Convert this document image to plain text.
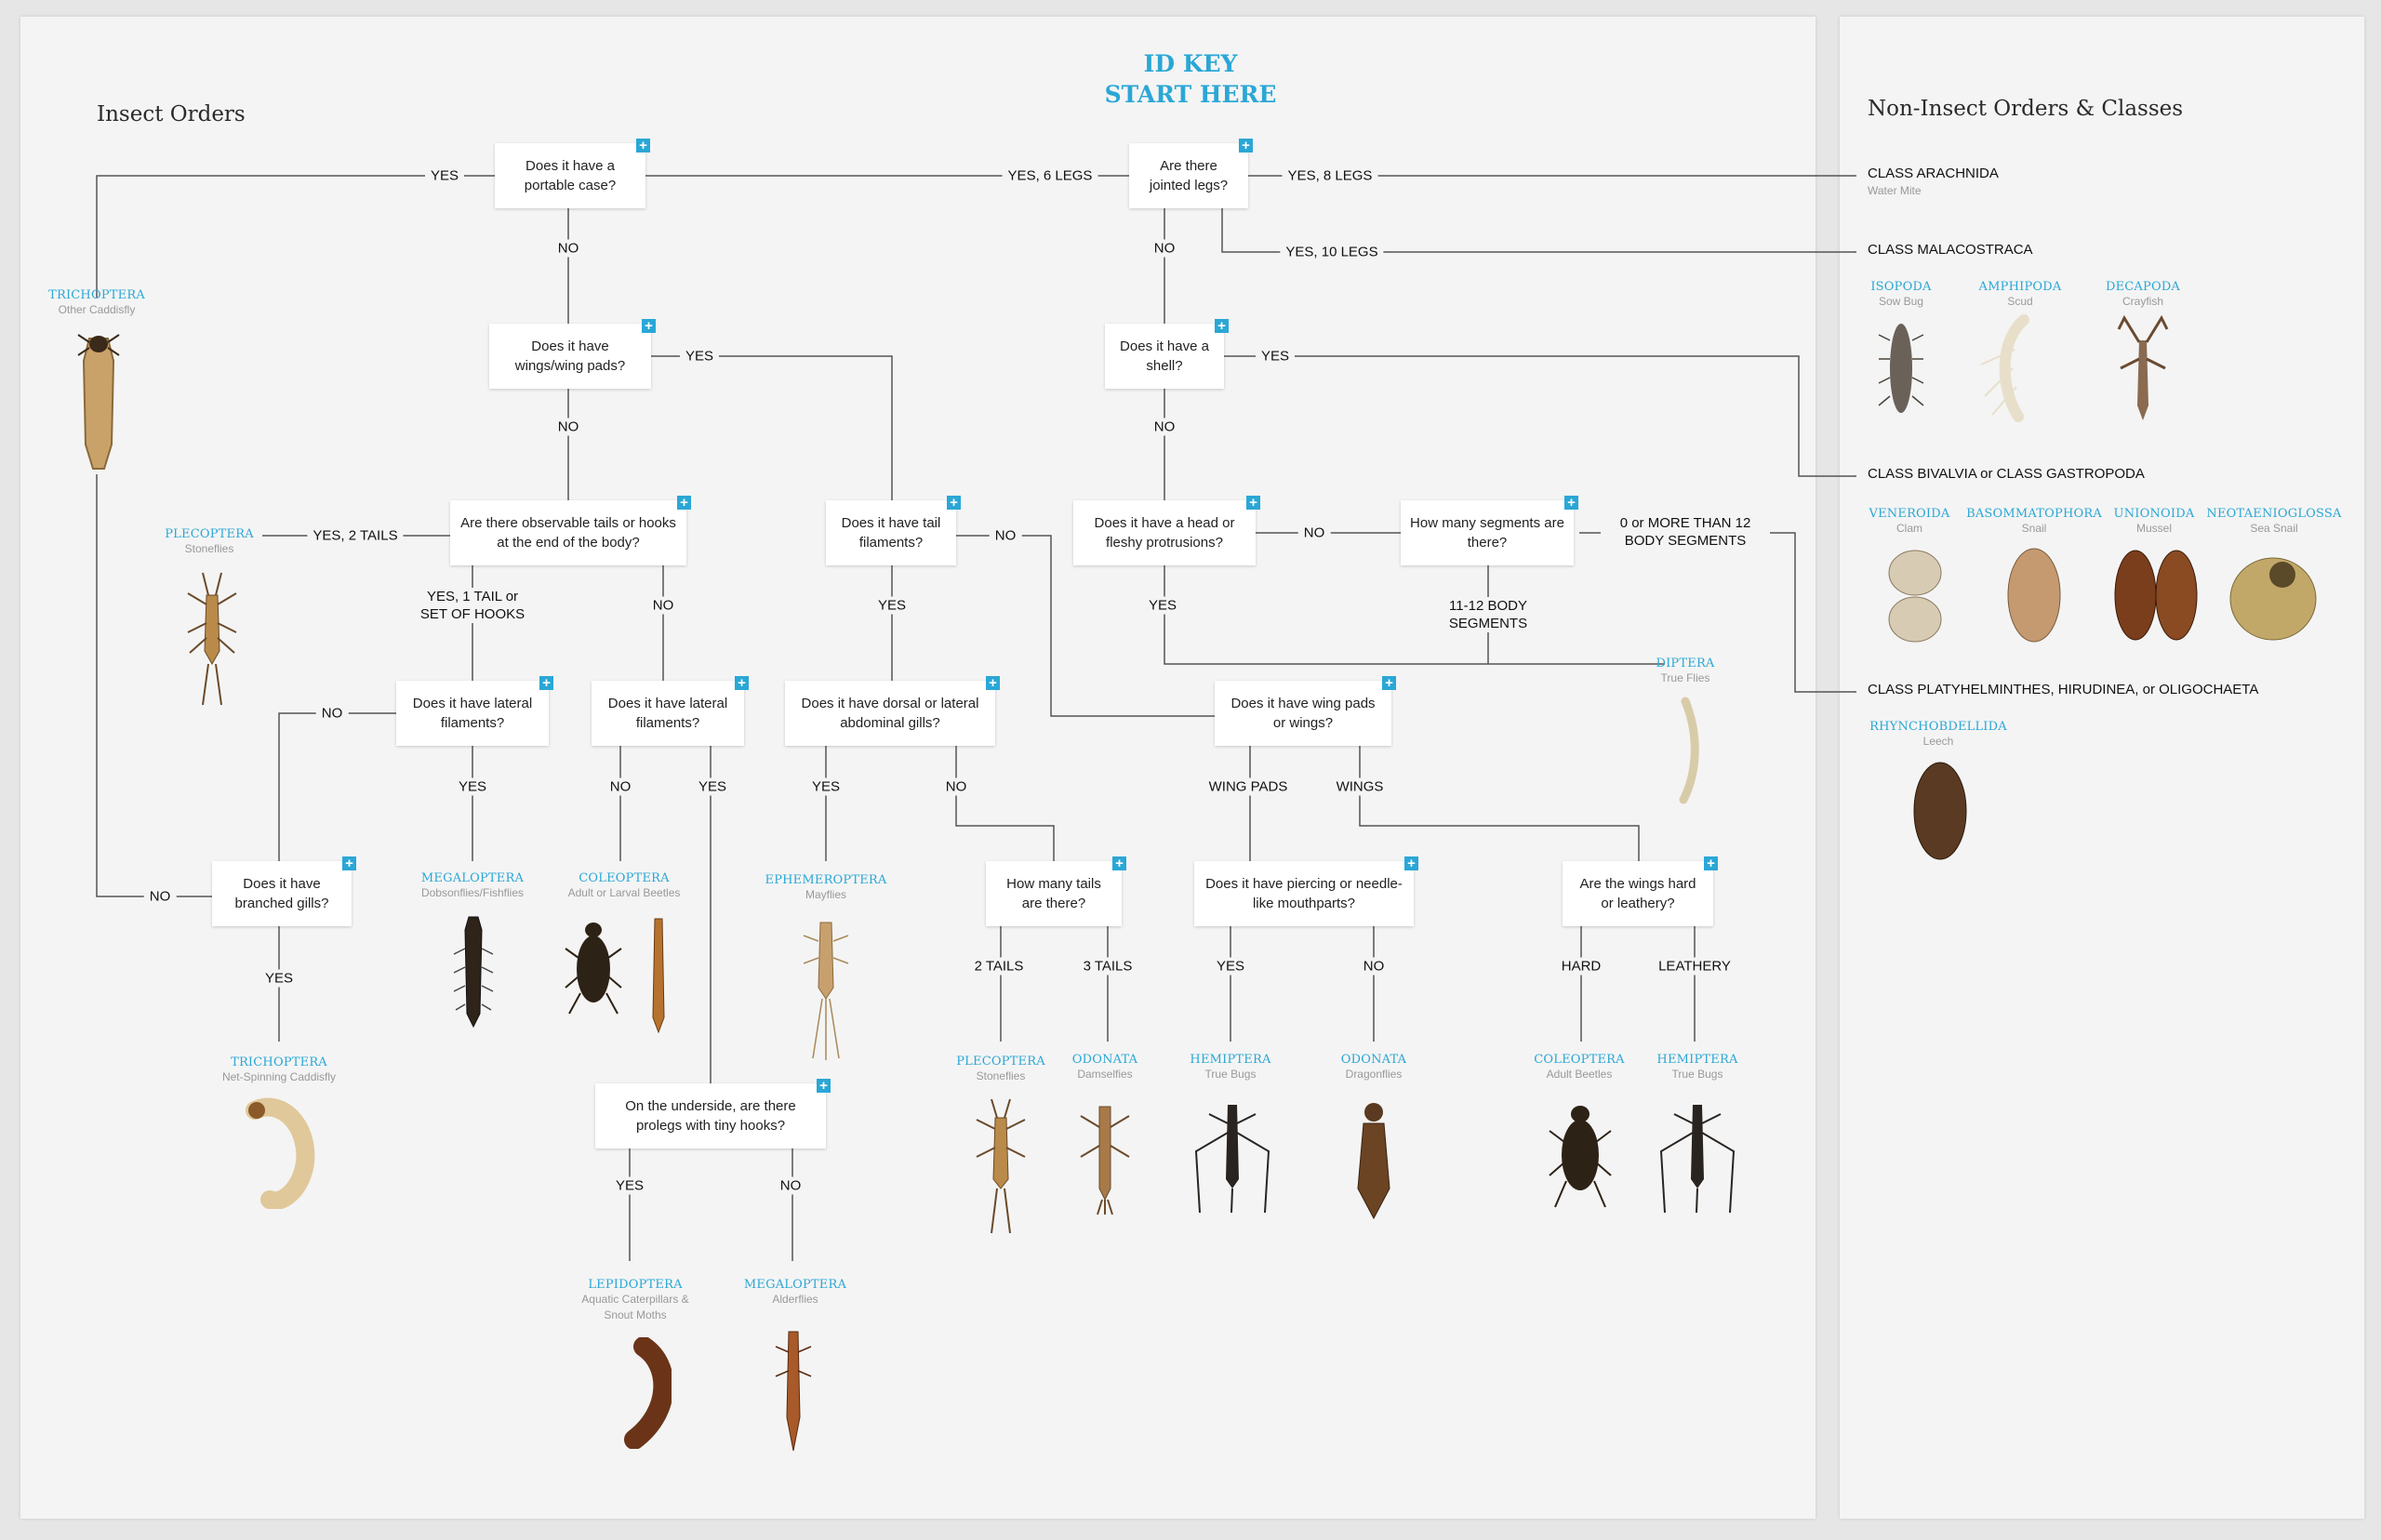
Insect Orders	Non-Insect Orders & Classes
ID KEY
START HERE
Does it have a portable case?
+
Are there jointed legs?
+
Does it have wings/wing pads?
+
Does it have a shell?
+
Are there observable tails or hooks at the end of the body?
+
Does it have tail filaments?
+
Does it have a head or fleshy protrusions?
+
How many segments are there?
+
Does it have lateral filaments?
+
Does it have lateral filaments?
+
Does it have dorsal or lateral abdominal gills?
+
Does it have wing pads or wings?
+
Does it have branched gills?
+
How many tails are there?
+
Does it have piercing or needle-like mouthparts?
+
Are the wings hard or leathery?
+
On the underside, are there prolegs with tiny hooks?
+
YES	YES, 6 LEGS	YES, 8 LEGS
YES, 10 LEGS
NO	NO
YES	YES
NO	NO
YES, 2 TAILS	NO	NO
0 or MORE THAN 12 BODY SEGMENTS
YES, 1 TAIL or SET OF HOOKS
NO	YES	YES	11-12 BODY SEGMENTS
NO
YES	NO	YES	YES	NO	WING PADS	WINGS
NO
YES
2 TAILS	3 TAILS	YES	NO	HARD	LEATHERY
YES	NO
TRICHOPTERA
Other Caddisfly
PLECOPTERA
Stoneflies
MEGALOPTERA
Dobsonflies/Fishflies
COLEOPTERA
Adult or Larval Beetles
EPHEMEROPTERA
Mayflies
TRICHOPTERA
Net-Spinning Caddisfly
PLECOPTERA
Stoneflies
ODONATA
Damselfies
HEMIPTERA
True Bugs
ODONATA
Dragonflies
COLEOPTERA
Adult Beetles
HEMIPTERA
True Bugs
LEPIDOPTERA
Aquatic Caterpillars & Snout Moths
MEGALOPTERA
Alderflies
DIPTERA
True Flies
ISOPODA
Sow Bug
AMPHIPODA
Scud
DECAPODA
Crayfish
VENEROIDA
Clam
BASOMMATOPHORA
Snail
UNIONOIDA
Mussel
NEOTAENIOGLOSSA
Sea Snail
RHYNCHOBDELLIDA
Leech
CLASS ARACHNIDA
Water Mite
CLASS MALACOSTRACA
CLASS BIVALVIA or CLASS GASTROPODA
CLASS PLATYHELMINTHES, HIRUDINEA, or OLIGOCHAETA
